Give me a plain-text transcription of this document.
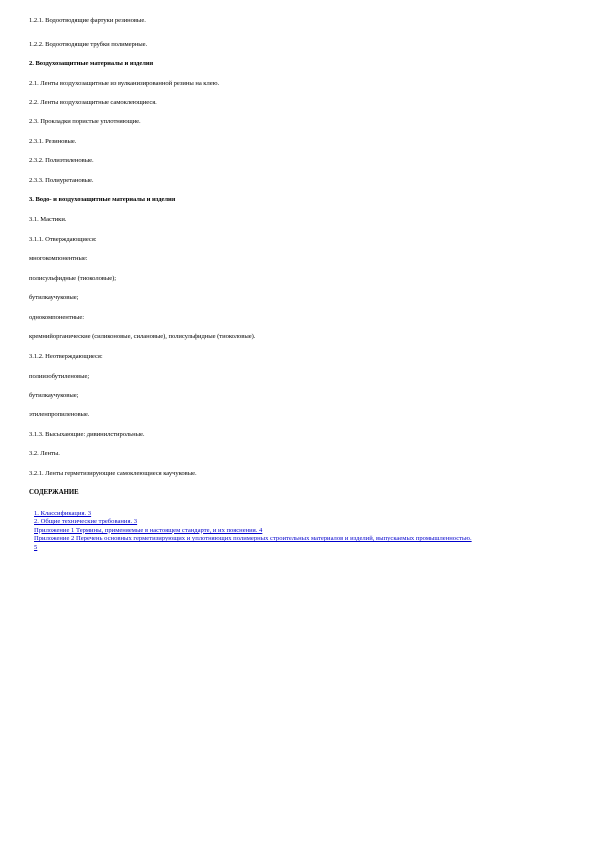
1.2.1. Водоотводящие фартуки резиновые.

1.2.2. Водоотводящие трубки полимерные.

2. Воздухозащитные материалы и изделия

2.1. Ленты воздухозащитные из вулканизированной резины на клею.

2.2. Ленты воздухозащитные самоклеющиеся.

2.3. Прокладки пористые уплотняющие.

2.3.1. Резиновые.

2.3.2. Полиэтиленовые.

2.3.3. Полиуретановые.

3. Водо- и воздухозащитные материалы и изделия

3.1. Мастики.

3.1.1. Отверждающиеся:

многокомпонентные:

полисульфидные (тиоколовые);

бутилкаучуковые;

однокомпонентные:

кремнийорганические (силиконовые, силановые), полисульфидные (тиоколовые).

3.1.2. Неотверждающиеся:

полиизобутиленовые;

бутилкаучуковые;

этиленпропиленовые.

3.1.3. Высыхающие: дивинилстирольные.

3.2. Ленты.

3.2.1. Ленты герметизирующие самоклеющиеся каучуковые.

СОДЕРЖАНИЕ

1. Классификация. 3
2. Общие технические требования. 3
Приложение 1 Термины, применяемые в настоящем стандарте, и их пояснения. 4
Приложение 2 Перечень основных герметизирующих и уплотняющих полимерных строительных материалов и изделий, выпускаемых промышленностью. 5
